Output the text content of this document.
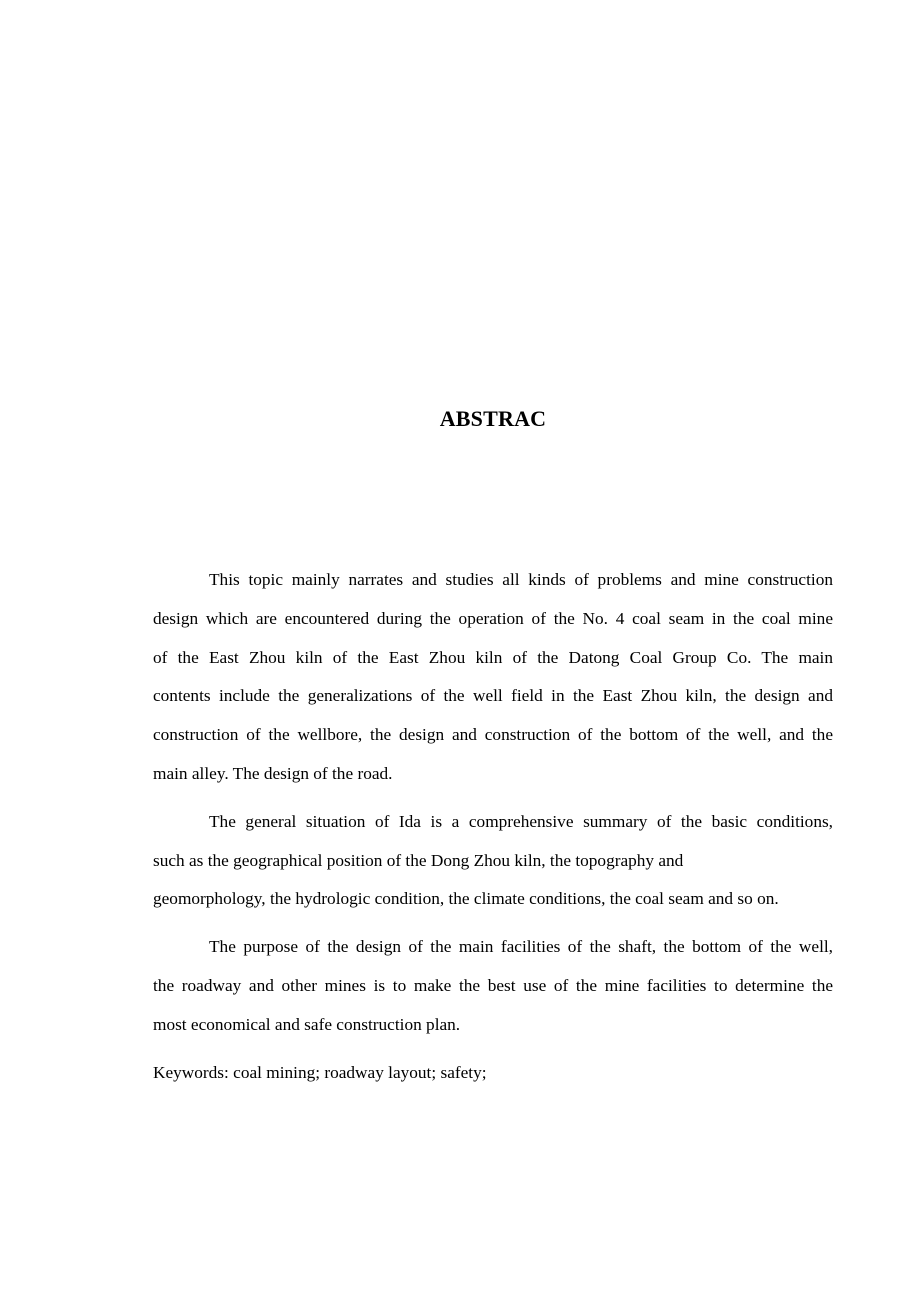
ABSTRAC

This topic mainly narrates and studies all kinds of problems and mine construction
design which are encountered during the operation of the No. 4 coal seam in the coal mine
of the East Zhou kiln of the East Zhou kiln of the Datong Coal Group Co. The main
contents include the generalizations of the well field in the East Zhou kiln, the design and
construction of the wellbore, the design and construction of the bottom of the well, and the
main alley. The design of the road.

The general situation of Ida is a comprehensive summary of the basic conditions,
such as the geographical position of the Dong Zhou kiln, the topography and
geomorphology, the hydrologic condition, the climate conditions, the coal seam and so on.

The purpose of the design of the main facilities of the shaft, the bottom of the well,
the roadway and other mines is to make the best use of the mine facilities to determine the
most economical and safe construction plan.

Keywords: coal mining; roadway layout; safety;
